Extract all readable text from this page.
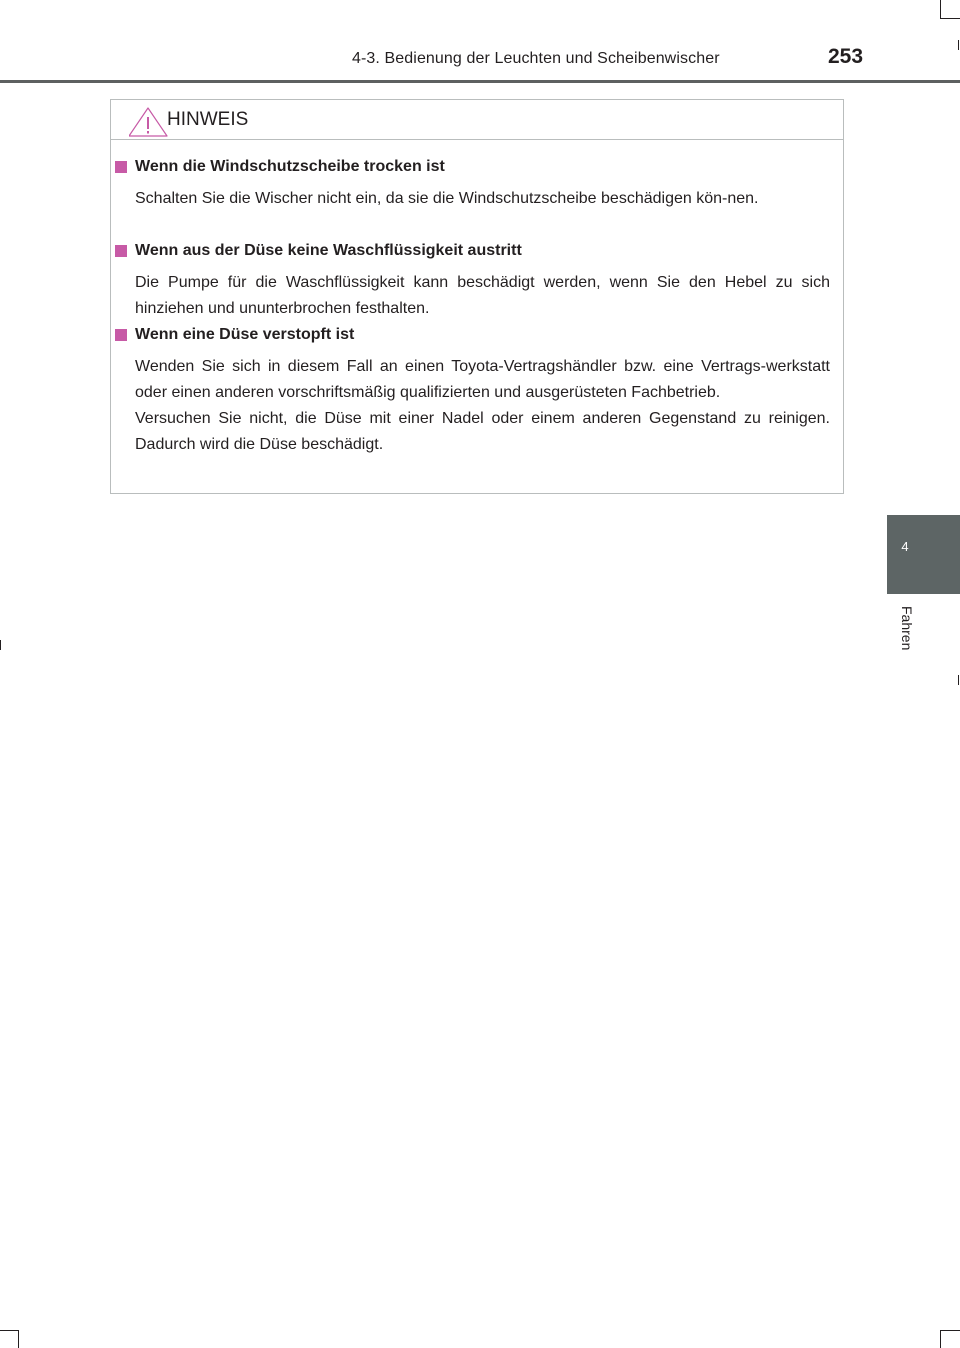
4-3. Bedienung der Leuchten und Scheibenwischer	253
4
Fahren
HINWEIS
Wenn die Windschutzscheibe trocken ist

Schalten Sie die Wischer nicht ein, da sie die Windschutzscheibe beschädigen kön-nen.

Wenn aus der Düse keine Waschflüssigkeit austritt

Die Pumpe für die Waschflüssigkeit kann beschädigt werden, wenn Sie den Hebel zu sich hinziehen und ununterbrochen festhalten.

Wenn eine Düse verstopft ist

Wenden Sie sich in diesem Fall an einen Toyota-Vertragshändler bzw. eine Vertrags-werkstatt oder einen anderen vorschriftsmäßig qualifizierten und ausgerüsteten Fachbetrieb.

Versuchen Sie nicht, die Düse mit einer Nadel oder einem anderen Gegenstand zu reinigen. Dadurch wird die Düse beschädigt.
